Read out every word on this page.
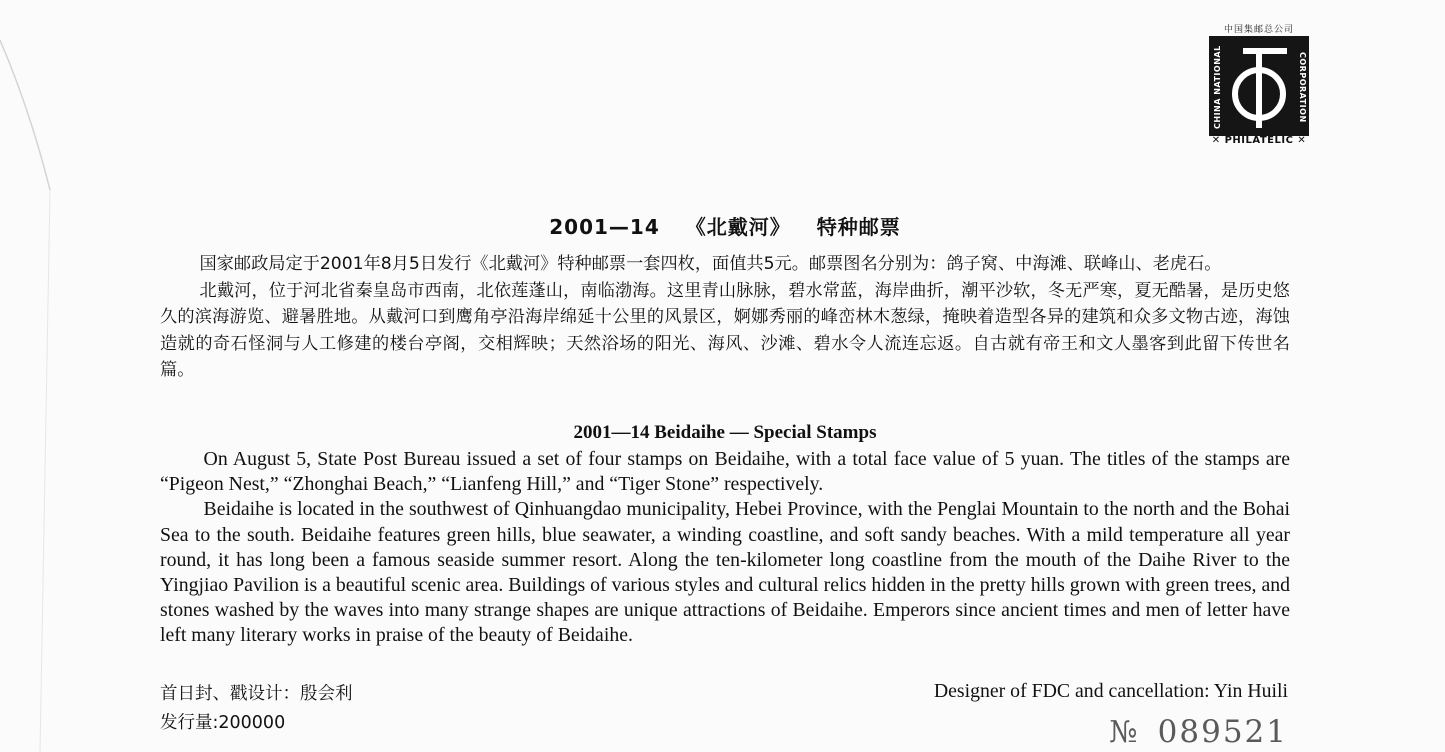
中国集邮总公司
CHINA NATIONAL	CORPORATION
✕ PHILATELIC ✕
2001—14 《北戴河》 特种邮票

国家邮政局定于2001年8月5日发行《北戴河》特种邮票一套四枚，面值共5元。邮票图名分别为：鸽子窝、中海滩、联峰山、老虎石。

北戴河，位于河北省秦皇岛市西南，北依莲蓬山，南临渤海。这里青山脉脉，碧水常蓝，海岸曲折，潮平沙软，冬无严寒，夏无酷暑，是历史悠久的滨海游览、避暑胜地。从戴河口到鹰角亭沿海岸绵延十公里的风景区，婀娜秀丽的峰峦林木葱绿，掩映着造型各异的建筑和众多文物古迹，海蚀造就的奇石怪洞与人工修建的楼台亭阁，交相辉映；天然浴场的阳光、海风、沙滩、碧水令人流连忘返。自古就有帝王和文人墨客到此留下传世名篇。

2001—14 Beidaihe — Special Stamps

On August 5, State Post Bureau issued a set of four stamps on Beidaihe, with a total face value of 5 yuan. The titles of the stamps are “Pigeon Nest,” “Zhonghai Beach,” “Lianfeng Hill,” and “Tiger Stone” respectively.

Beidaihe is located in the southwest of Qinhuangdao municipality, Hebei Province, with the Penglai Mountain to the north and the Bohai Sea to the south. Beidaihe features green hills, blue seawater, a winding coastline, and soft sandy beaches. With a mild temperature all year round, it has long been a famous seaside summer resort. Along the ten-kilometer long coastline from the mouth of the Daihe River to the Yingjiao Pavilion is a beautiful scenic area. Buildings of various styles and cultural relics hidden in the pretty hills grown with green trees, and stones washed by the waves into many strange shapes are unique attractions of Beidaihe. Emperors since ancient times and men of letter have left many literary works in praise of the beauty of Beidaihe.

首日封、戳设计：殷会利
发行量:200000
Designer of FDC and cancellation: Yin Huili
№ 089521
